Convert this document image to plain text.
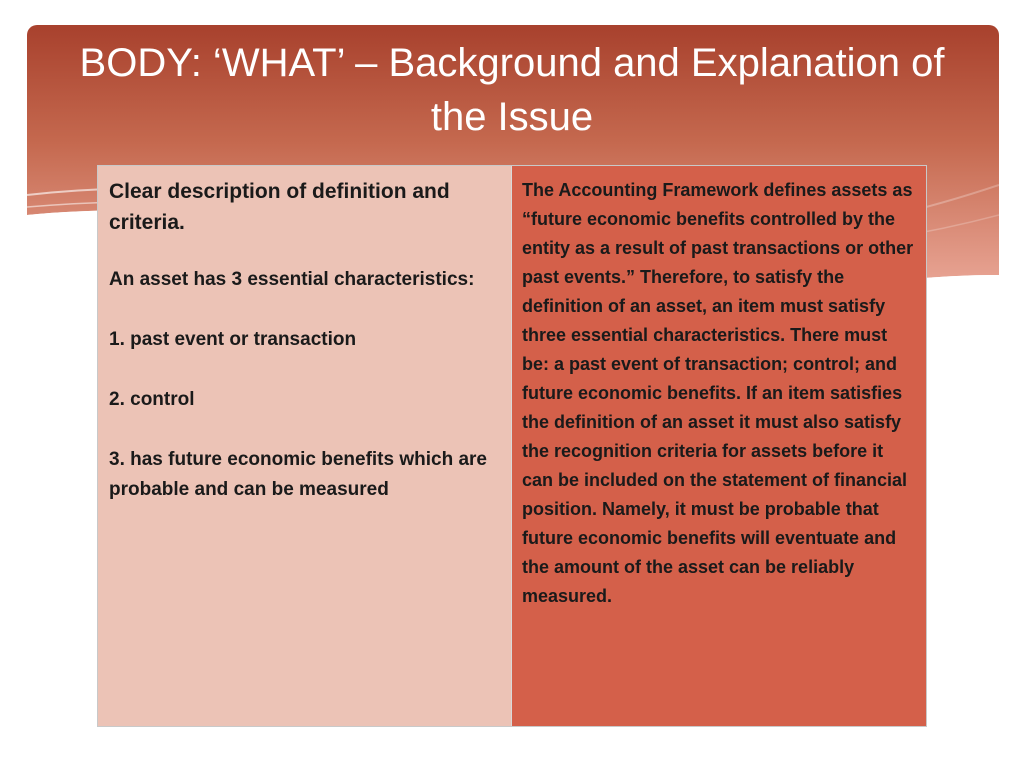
BODY: ‘WHAT’ – Background and Explanation of the Issue

Clear description of definition and criteria.

An asset has 3 essential characteristics:

1. past event or transaction

2. control

3. has future economic benefits which are probable and can be measured

The Accounting Framework defines assets as “future economic benefits controlled by the entity as a result of past transactions or other past events.” Therefore, to satisfy the definition of an asset, an item must satisfy three essential characteristics. There must be: a past event of transaction; control; and future economic benefits. If an item satisfies the definition of an asset it must also satisfy the recognition criteria for assets before it can be included on the statement of financial position. Namely, it must be probable that future economic benefits will eventuate and the amount of the asset can be reliably measured.
